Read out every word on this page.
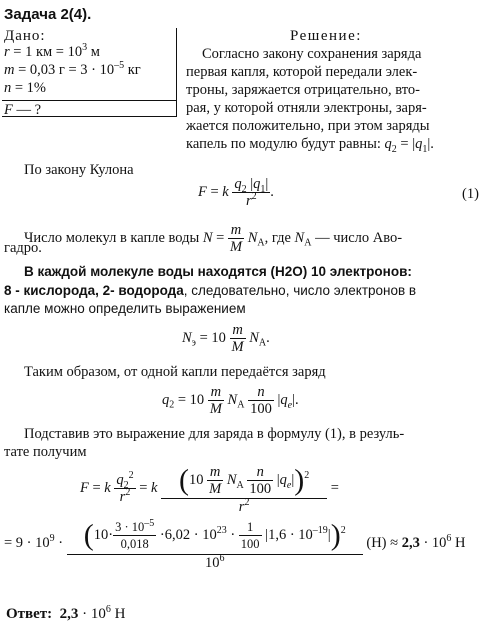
Задача 2(4).
Дано:
r = 1 км = $10^3$ м
m = 0,03 $г = 3 \cdot 10^{-5}$ кг
n = 1%
F — ?
Решение:
Согласно закону сохранения заряда
первая капля, которой передали элек-
троны, заряжается отрицательно, вто-
рая, у которой отняли электроны, заря-
жается положительно, при этом заряды
капель по модулю будут равны: $q_2 = |q_1|$.
По закону Кулона
F = k $\frac{q_2 |q_1|}{r^2}$ .	(1)
Число молекул в капле воды $N = \frac{m}{M} N_A$, где $N_A$ — число Аво-
гадро.
В каждой молекуле воды находятся (H2O) 10 электронов:
8 - кислорода, 2- водорода, следовательно, число электронов в
капле можно определить выражением
$N_э = 10 \frac{m}{M} N_A$.
Таким образом, от одной капли передаётся заряд
$q_2 = 10 \frac{m}{M} N_A \frac{n}{100} |q_e|$.
Подставив это выражение для заряда в формулу (1), в резуль-
тате получим
F = k $\frac{q_2^2}{r^2} = k \frac{(10 \frac{m}{M} N_A \frac{n}{100} |q_e|)^2}{r^2}$ =
= $9 \cdot 10^9 \cdot \frac{(10\cdot \frac{3 \cdot 10^{-5}}{0,018} \cdot 6,02 \cdot 10^{23} \cdot \frac{1}{100} |1,6 \cdot 10^{-19}|)^2}{10^6} (Н) \approx 2,3 \cdot 10^6$ Н
Ответ: $2,3 \cdot 10^6$ Н
